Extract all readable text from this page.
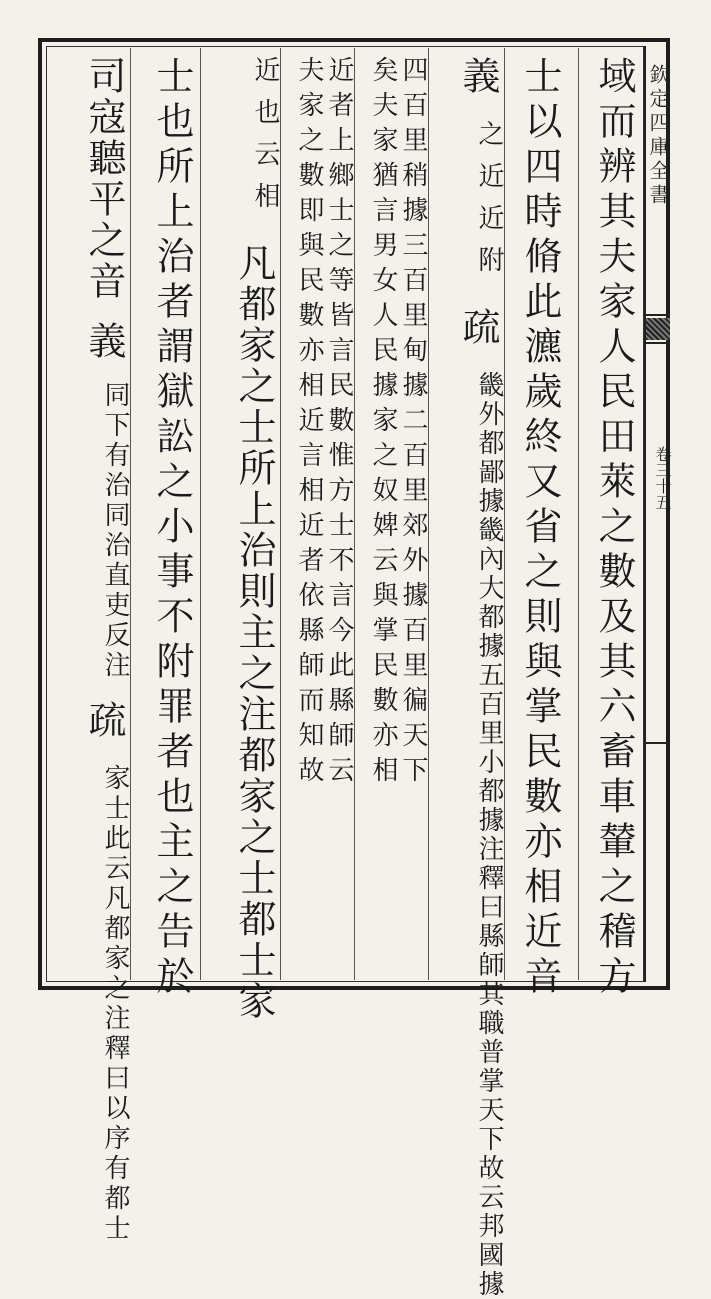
欽定四庫全書
卷三十五
域而辨其夫家人民田萊之數及其六畜車輦之稽方
士以四時脩此瀌歲終又省之則與掌民數亦相近音
義
近附
之近
疏
注釋曰縣師其職普掌天下故云邦國據
畿外都鄙據畿內大都據五百里小都據
四百里稍據三百里甸據二百里郊外據百里徧天下
矣夫家猶言男女人民據家之奴婢云與掌民數亦相
近者上鄉士之等皆言民數惟方士不言今此縣師云
夫家之數即與民數亦相近言相近者依縣師而知故
云相
近也
凡都家之士所上治則主之注都家之士都士家
士也所上治者謂獄訟之小事不附罪者也主之告於
司寇聽平之音 義
治直吏反注
同下有治同
疏
注釋曰以序有都士
家士此云凡都家之
